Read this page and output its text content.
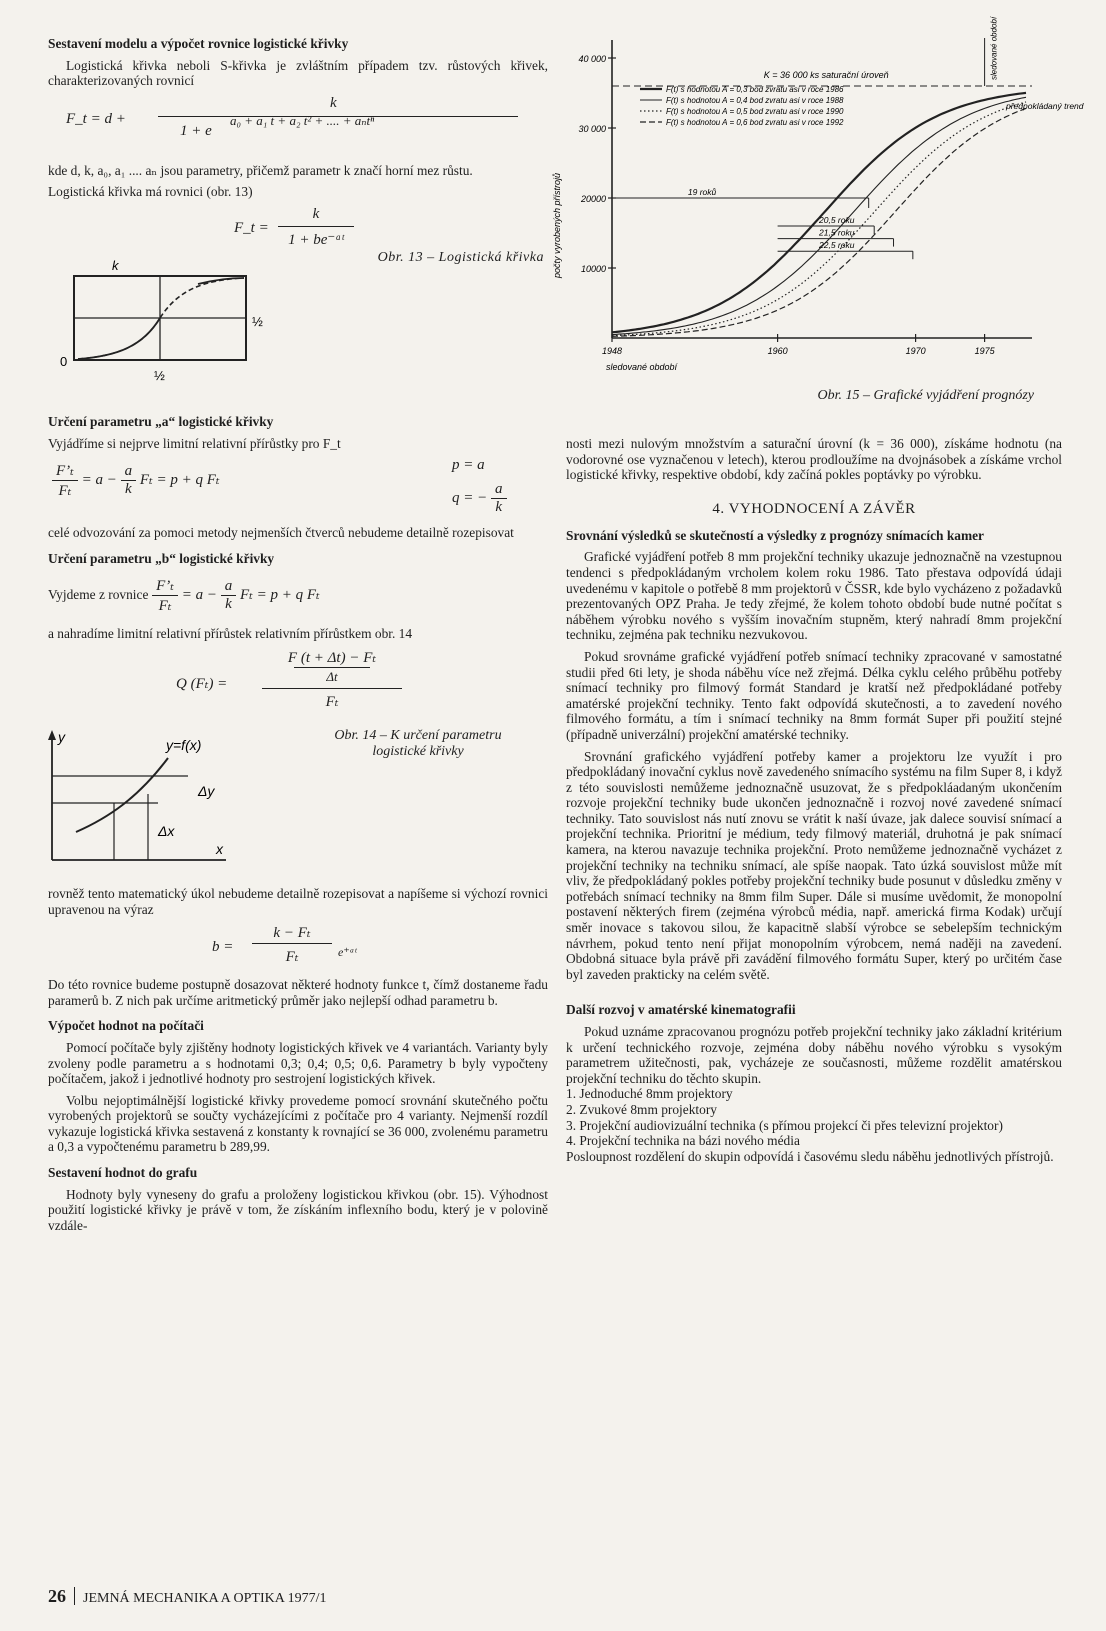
Sestavení modelu a výpočet rovnice logistické křivky

Logistická křivka neboli S-křivka je zvláštním případem tzv. růstových křivek, charakterizovaných rovnicí

F_t = d +
k
1 + e
a₀ + a₁ t + a₂ t² + .... + aₙtⁿ

kde d, k, a₀, a₁ .... aₙ jsou parametry, přičemž parametr k značí horní mez růstu.

Logistická křivka má rovnici (obr. 13)

F_t =
k
1 + be⁻ᵃᵗ
k
0
½
½
Obr. 13 – Logistická křivka
Určení parametru „a“ logistické křivky

Vyjádříme si nejprve limitní relativní přírůstky pro F_t

$\frac{\text{F’ₜ}}{\text{Fₜ}} = a - \frac{a}{k}$ Fₜ = p + q Fₜ
p = a
q = − $\frac{a}{k}$

celé odvozování za pomoci metody nejmenších čtverců nebudeme detailně rozepisovat

Určení parametru „b“ logistické křivky
Vyjdeme z rovnice $\frac{\text{F’ₜ}}{\text{Fₜ}} = a - \frac{a}{k}$ Fₜ = p + q Fₜ

a nahradíme limitní relativní přírůstek relativním přírůstkem obr. 14

Q (Fₜ) =
F (t + Δt) − Fₜ
Δt
Fₜ
y	y=f(x)
Δy
Δx
x
Obr. 14 – K určení parametru logistické křivky

rovněž tento matematický úkol nebudeme detailně rozepisovat a napíšeme si výchozí rovnici upravenou na výraz

b =
k − Fₜ
Fₜ	e⁺ᵃᵗ

Do této rovnice budeme postupně dosazovat některé hodnoty funkce t, čímž dostaneme řadu paramerů b. Z nich pak určíme aritmetický průměr jako nejlepší odhad parametru b.

Výpočet hodnot na počítači

Pomocí počítače byly zjištěny hodnoty logistických křivek ve 4 variantách. Varianty byly zvoleny podle parametru a s hodnotami 0,3; 0,4; 0,5; 0,6. Parametry b byly vypočteny počítačem, jakož i jednotlivé hodnoty pro sestrojení logistických křivek.

Volbu nejoptimálnější logistické křivky provedeme pomocí srovnání skutečného počtu vyrobených projektorů se součty vycházejícími z počítače pro 4 varianty. Nejmenší rozdíl vykazuje logistická křivka sestavená z konstanty k rovnající se 36 000, zvolenému parametru a 0,3 a vypočtenému parametru b 289,99.

Sestavení hodnot do grafu

Hodnoty byly vyneseny do grafu a proloženy logistickou křivkou (obr. 15). Výhodnost použití logistické křivky je právě v tom, že získáním inflexního bodu, který je v polovině vzdále-

10000
20000
30 000
40 000
1948	1960	1970	1975
sledované období
počty vyrobených přístrojů
F(t) s hodnotou A = 0,3 bod zvratu asi v roce 1986
F(t) s hodnotou A = 0,4 bod zvratu asi v roce 1988
F(t) s hodnotou A = 0,5 bod zvratu asi v roce 1990
F(t) s hodnotou A = 0,6 bod zvratu asi v roce 1992
K = 36 000 ks saturační úroveň	sledované období
předpokládaný trend
19 roků
20,5 roku
21,5 roku
22,5 roku
Obr. 15 – Grafické vyjádření prognózy

nosti mezi nulovým množstvím a saturační úrovní (k = 36 000), získáme hodnotu (na vodorovné ose vyznačenou v letech), kterou prodloužíme na dvojnásobek a získáme vrchol logistické křivky, respektive období, kdy začíná pokles poptávky po výrobku.

4. VYHODNOCENÍ A ZÁVĚR
Srovnání výsledků se skutečností a výsledky z prognózy snímacích kamer

Grafické vyjádření potřeb 8 mm projekční techniky ukazuje jednoznačně na vzestupnou tendenci s předpokládaným vrcholem kolem roku 1986. Tato přestava odpovídá údaji uvedenému v kapitole o potřebě 8 mm projektorů v ČSSR, kde bylo vycházeno z požadavků prezentovaných OPZ Praha. Je tedy zřejmé, že kolem tohoto období bude nutné počítat s náběhem výrobku nového s vyšším inovačním stupněm, který nahradí 8mm projekční techniku, zejména pak techniku nezvukovou.

Pokud srovnáme grafické vyjádření potřeb snímací techniky zpracované v samostatné studii před 6ti lety, je shoda náběhu více než zřejmá. Délka cyklu celého průběhu potřeby snímací techniky pro filmový formát Standard je kratší než předpokládané potřeby amatérské projekční techniky. Tento fakt odpovídá skutečnosti, a to zavedení nového filmového formátu, a tím i snímací techniky na 8mm formát Super při použití stejné (případně univerzální) projekční amatérské techniky.

Srovnání grafického vyjádření potřeby kamer a projektoru lze využít i pro předpokládaný inovační cyklus nově zavedeného snímacího systému na film Super 8, i když z této souvislosti nemůžeme jednoznačně usuzovat, že s předpokláadaným ukončením rozvoje projekční techniky bude ukončen jednoznačně i rozvoj nové zavedené snímací techniky. Tato souvislost nás nutí znovu se vrátit k naší úvaze, jak dalece souvisí snímací a projekční technika. Prioritní je médium, tedy filmový materiál, druhotná je pak snímací kamera, na kterou navazuje technika projekční. Proto nemůžeme jednoznačně vycházet z projekční techniky na techniku snímací, ale spíše naopak. Tato úzká souvislost může mít vliv, že předpokládaný pokles potřeby projekční techniky bude posunut v důsledku změny v potřebách snímací techniky na 8mm film Super. Dále si musíme uvědomit, že monopolní postavení některých firem (zejména výrobců média, např. americká firma Kodak) určují směr inovace s takovou silou, že kapacitně slabší výrobce se sebelepším technickým návrhem, pokud tento není přijat monopolním výrobcem, nemá naději na zavedení. Obdobná situace byla právě při zavádění filmového formátu Super, který po určitém čase byl zaveden prakticky na celém světě.

Další rozvoj v amatérské kinematografii

Pokud uznáme zpracovanou prognózu potřeb projekční techniky jako základní kritérium k určení technického rozvoje, zejména doby náběhu nového výrobku s vysokým parametrem užitečnosti, pak, vycházeje ze současnosti, můžeme rozdělit amatérskou projekční techniku do těchto skupin.

1. Jednoduché 8mm projektory
2. Zvukové 8mm projektory
3. Projekční audiovizuální technika (s přímou projekcí či přes televizní projektor)
4. Projekční technika na bázi nového média

Posloupnost rozdělení do skupin odpovídá i časovému sledu náběhu jednotlivých přístrojů.

26 JEMNÁ MECHANIKA A OPTIKA 1977/1
